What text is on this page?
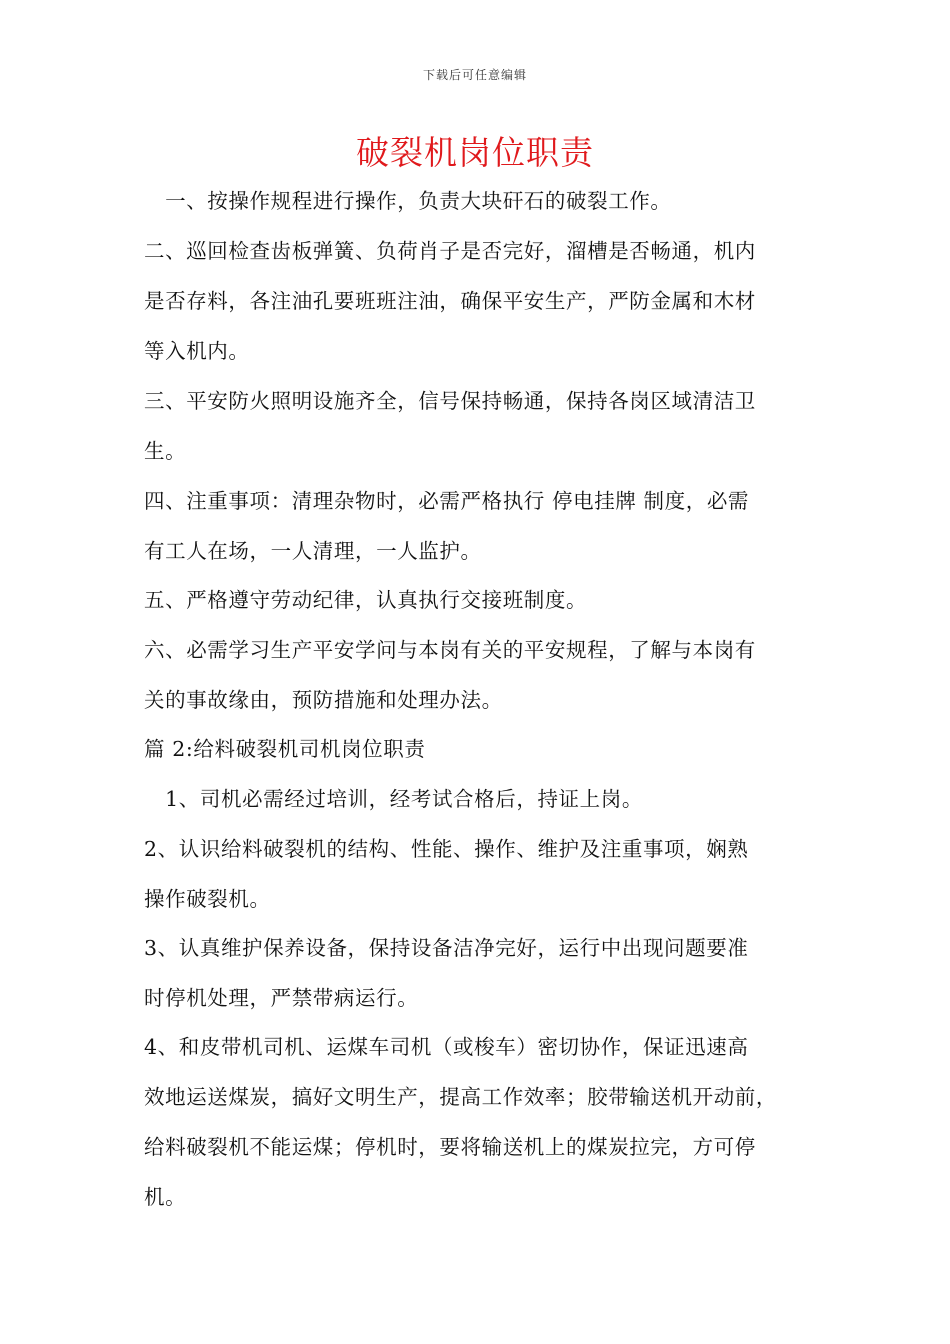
下载后可任意编辑
破裂机岗位职责
　一、按操作规程进行操作，负责大块矸石的破裂工作。
二、巡回检查齿板弹簧、负荷肖子是否完好，溜槽是否畅通，机内
是否存料，各注油孔要班班注油，确保平安生产，严防金属和木材
等入机内。
三、平安防火照明设施齐全，信号保持畅通，保持各岗区域清洁卫
生。
四、注重事项：清理杂物时，必需严格执行 停电挂牌 制度，必需
有工人在场，一人清理，一人监护。
五、严格遵守劳动纪律，认真执行交接班制度。
六、必需学习生产平安学问与本岗有关的平安规程，了解与本岗有
关的事故缘由，预防措施和处理办法。
篇 2:给料破裂机司机岗位职责
　1、司机必需经过培训，经考试合格后，持证上岗。
2、认识给料破裂机的结构、性能、操作、维护及注重事项，娴熟
操作破裂机。
3、认真维护保养设备，保持设备洁净完好，运行中出现问题要准
时停机处理，严禁带病运行。
4、和皮带机司机、运煤车司机（或梭车）密切协作，保证迅速高
效地运送煤炭，搞好文明生产，提高工作效率；胶带输送机开动前，
给料破裂机不能运煤；停机时，要将输送机上的煤炭拉完，方可停
机。
